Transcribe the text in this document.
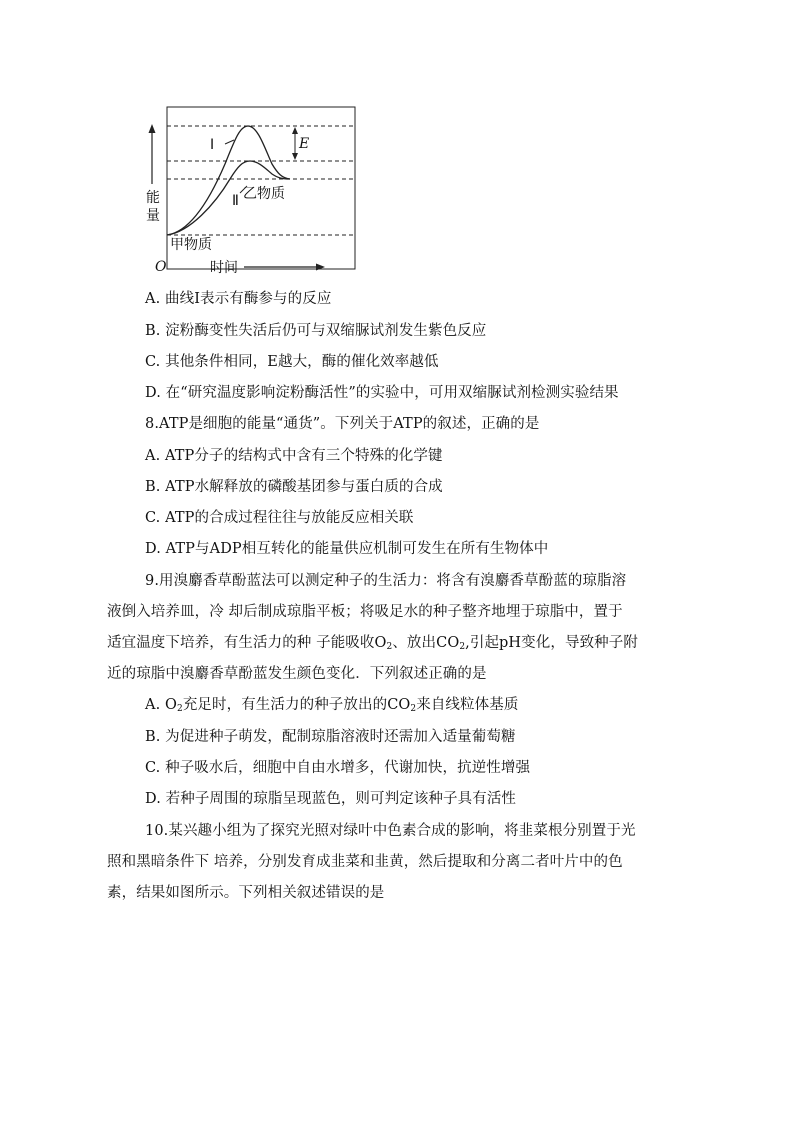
能
量
I
Ⅱ
E
乙物质
甲物质
O	时间
A. 曲线Ⅰ表示有酶参与的反应
B. 淀粉酶变性失活后仍可与双缩脲试剂发生紫色反应
C. 其他条件相同，E越大，酶的催化效率越低
D. 在“研究温度影响淀粉酶活性”的实验中，可用双缩脲试剂检测实验结果
8.ATP是细胞的能量“通货”。下列关于ATP的叙述，正确的是
A. ATP分子的结构式中含有三个特殊的化学键
B. ATP水解释放的磷酸基团参与蛋白质的合成
C. ATP的合成过程往往与放能反应相关联
D. ATP与ADP相互转化的能量供应机制可发生在所有生物体中
9.用溴麝香草酚蓝法可以测定种子的生活力：将含有溴麝香草酚蓝的琼脂溶
液倒入培养皿，冷 却后制成琼脂平板；将吸足水的种子整齐地埋于琼脂中，置于
适宜温度下培养，有生活力的种 子能吸收$O_2$、放出$CO_2$,引起pH变化，导致种子附
近的琼脂中溴麝香草酚蓝发生颜色变化．下列叙述正确的是
A. $O_2$充足时，有生活力的种子放出的$CO_2$来自线粒体基质
B. 为促进种子萌发，配制琼脂溶液时还需加入适量葡萄糖
C. 种子吸水后，细胞中自由水增多，代谢加快，抗逆性增强
D. 若种子周围的琼脂呈现蓝色，则可判定该种子具有活性
10.某兴趣小组为了探究光照对绿叶中色素合成的影响，将韭菜根分别置于光
照和黑暗条件下 培养，分别发育成韭菜和韭黄，然后提取和分离二者叶片中的色
素，结果如图所示。下列相关叙述错误的是
